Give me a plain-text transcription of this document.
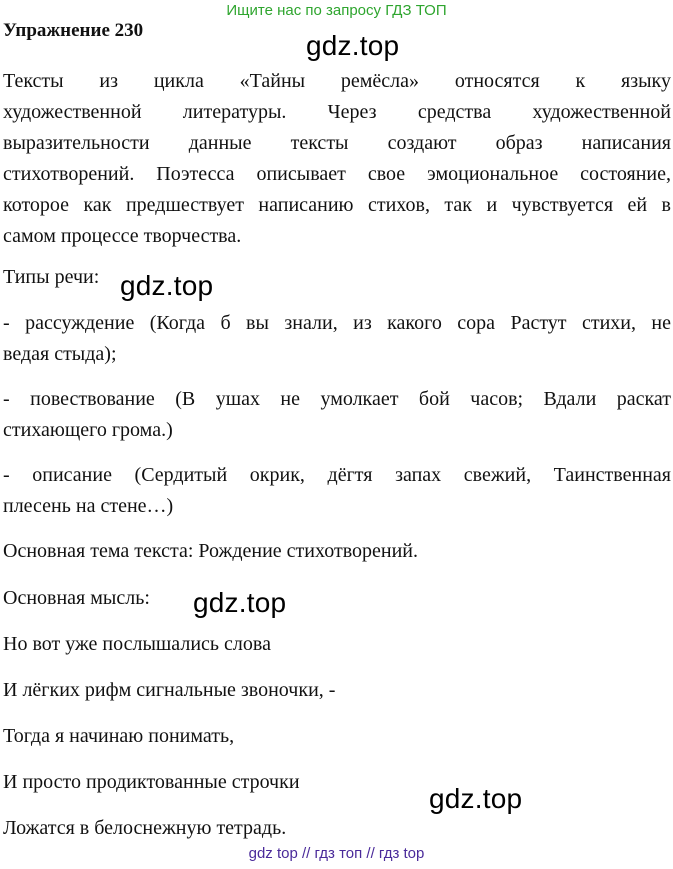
Ищите нас по запросу ГДЗ ТОП
Упражнение 230	gdz.top
Тексты из цикла «Тайны ремёсла» относятся к языку
художественной литературы. Через средства художественной
выразительности данные тексты создают образ написания
стихотворений. Поэтесса описывает свое эмоциональное состояние,
которое как предшествует написанию стихов, так и чувствуется ей в
самом процессе творчества.
Типы речи: gdz.top
- рассуждение (Когда б вы знали, из какого сора Растут стихи, не
ведая стыда);
- повествование (В ушах не умолкает бой часов; Вдали раскат
стихающего грома.)
- описание (Сердитый окрик, дёгтя запах свежий, Таинственная
плесень на стене…)
Основная тема текста: Рождение стихотворений.
Основная мысль: gdz.top
Но вот уже послышались слова
И лёгких рифм сигнальные звоночки, -
Тогда я начинаю понимать,
И просто продиктованные строчки
gdz.top
Ложатся в белоснежную тетрадь.
gdz top // гдз топ // гдз top
